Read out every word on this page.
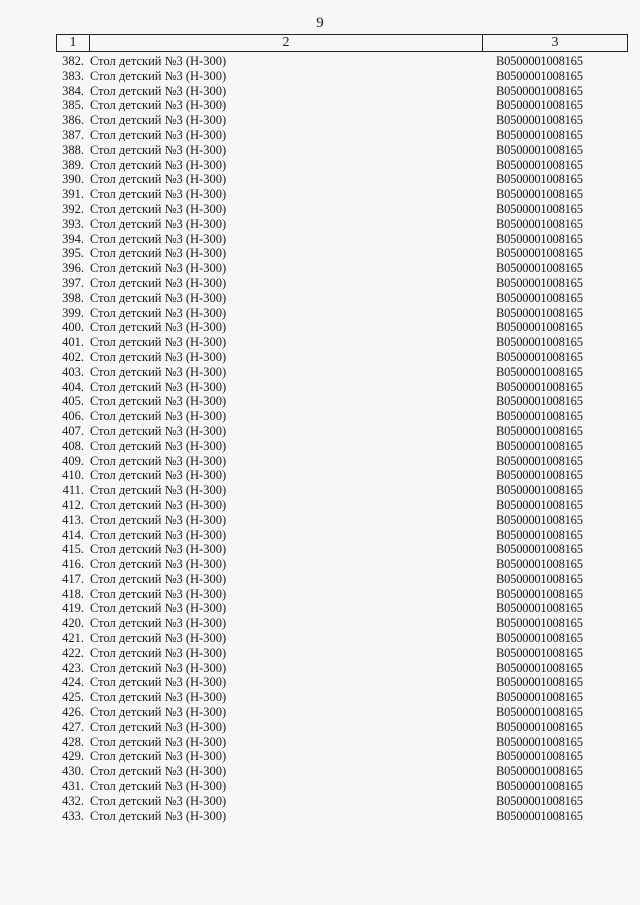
9
1	2	3
382. Стол детский №3 (Н-300)	В0500001008165
383. Стол детский №3 (Н-300)	В0500001008165
384. Стол детский №3 (Н-300)	В0500001008165
385. Стол детский №3 (Н-300)	В0500001008165
386. Стол детский №3 (Н-300)	В0500001008165
387. Стол детский №3 (Н-300)	В0500001008165
388. Стол детский №3 (Н-300)	В0500001008165
389. Стол детский №3 (Н-300)	В0500001008165
390. Стол детский №3 (Н-300)	В0500001008165
391. Стол детский №3 (Н-300)	В0500001008165
392. Стол детский №3 (Н-300)	В0500001008165
393. Стол детский №3 (Н-300)	В0500001008165
394. Стол детский №3 (Н-300)	В0500001008165
395. Стол детский №3 (Н-300)	В0500001008165
396. Стол детский №3 (Н-300)	В0500001008165
397. Стол детский №3 (Н-300)	В0500001008165
398. Стол детский №3 (Н-300)	В0500001008165
399. Стол детский №3 (Н-300)	В0500001008165
400. Стол детский №3 (Н-300)	В0500001008165
401. Стол детский №3 (Н-300)	В0500001008165
402. Стол детский №3 (Н-300)	В0500001008165
403. Стол детский №3 (Н-300)	В0500001008165
404. Стол детский №3 (Н-300)	В0500001008165
405. Стол детский №3 (Н-300)	В0500001008165
406. Стол детский №3 (Н-300)	В0500001008165
407. Стол детский №3 (Н-300)	В0500001008165
408. Стол детский №3 (Н-300)	В0500001008165
409. Стол детский №3 (Н-300)	В0500001008165
410. Стол детский №3 (Н-300)	В0500001008165
411. Стол детский №3 (Н-300)	В0500001008165
412. Стол детский №3 (Н-300)	В0500001008165
413. Стол детский №3 (Н-300)	В0500001008165
414. Стол детский №3 (Н-300)	В0500001008165
415. Стол детский №3 (Н-300)	В0500001008165
416. Стол детский №3 (Н-300)	В0500001008165
417. Стол детский №3 (Н-300)	В0500001008165
418. Стол детский №3 (Н-300)	В0500001008165
419. Стол детский №3 (Н-300)	В0500001008165
420. Стол детский №3 (Н-300)	В0500001008165
421. Стол детский №3 (Н-300)	В0500001008165
422. Стол детский №3 (Н-300)	В0500001008165
423. Стол детский №3 (Н-300)	В0500001008165
424. Стол детский №3 (Н-300)	В0500001008165
425. Стол детский №3 (Н-300)	В0500001008165
426. Стол детский №3 (Н-300)	В0500001008165
427. Стол детский №3 (Н-300)	В0500001008165
428. Стол детский №3 (Н-300)	В0500001008165
429. Стол детский №3 (Н-300)	В0500001008165
430. Стол детский №3 (Н-300)	В0500001008165
431. Стол детский №3 (Н-300)	В0500001008165
432. Стол детский №3 (Н-300)	В0500001008165
433. Стол детский №3 (Н-300)	В0500001008165
